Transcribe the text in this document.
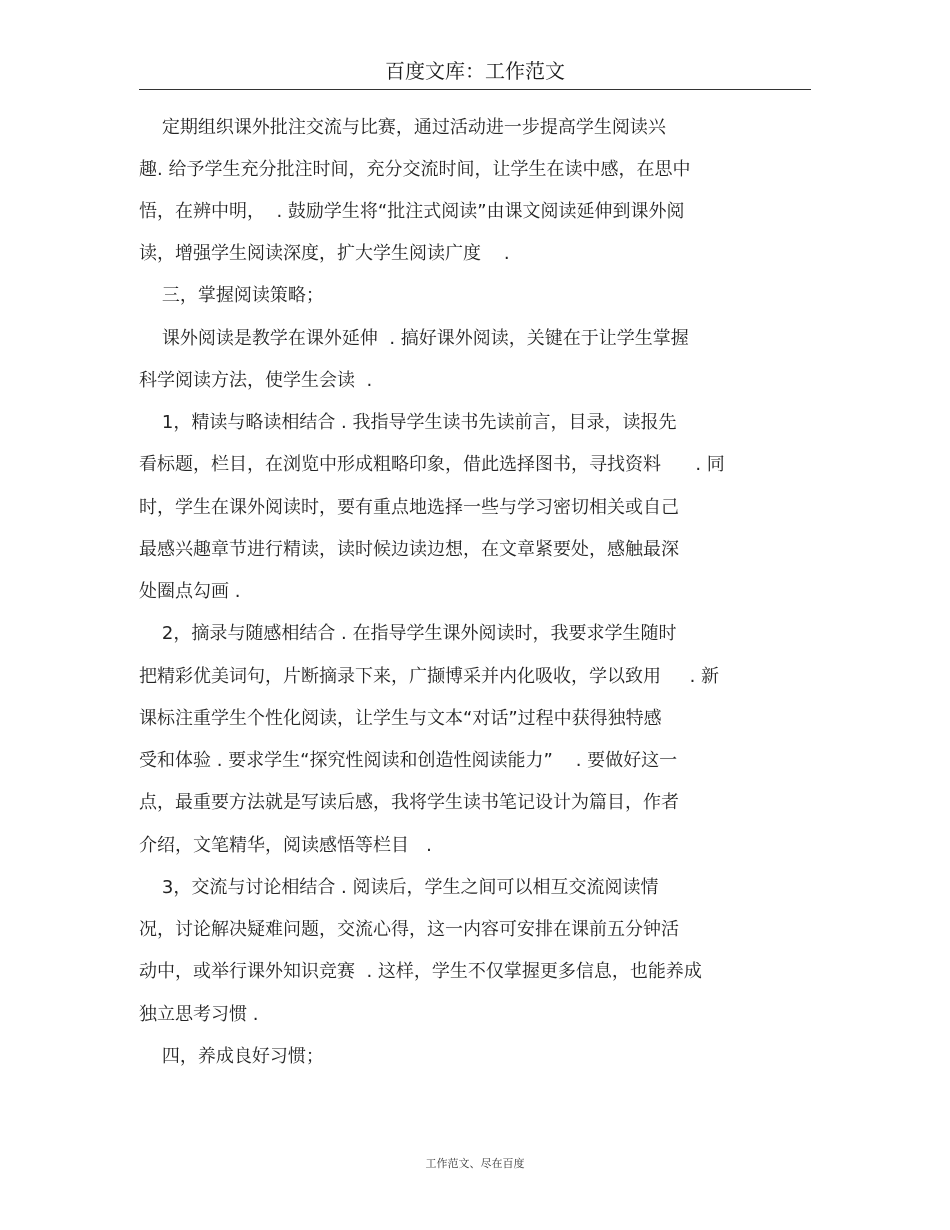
百度文库：工作范文
定期组织课外批注交流与比赛，通过活动进一步提高学生阅读兴
趣. 给予学生充分批注时间，充分交流时间，让学生在读中感，在思中
悟，在辨中明，  . 鼓励学生将“批注式阅读”由课文阅读延伸到课外阅
读，增强学生阅读深度，扩大学生阅读广度    .
三，掌握阅读策略；
课外阅读是教学在课外延伸  . 搞好课外阅读，关键在于让学生掌握
科学阅读方法，使学生会读  .
1，精读与略读相结合 . 我指导学生读书先读前言，目录，读报先
看标题，栏目，在浏览中形成粗略印象，借此选择图书，寻找资料      . 同
时，学生在课外阅读时，要有重点地选择一些与学习密切相关或自己
最感兴趣章节进行精读，读时候边读边想，在文章紧要处，感触最深
处圈点勾画 .
2，摘录与随感相结合 . 在指导学生课外阅读时，我要求学生随时
把精彩优美词句，片断摘录下来，广撷博采并内化吸收，学以致用     . 新
课标注重学生个性化阅读，让学生与文本“对话”过程中获得独特感
受和体验 . 要求学生“探究性阅读和创造性阅读能力”    . 要做好这一
点，最重要方法就是写读后感，我将学生读书笔记设计为篇目，作者
介绍，文笔精华，阅读感悟等栏目   .
3，交流与讨论相结合 . 阅读后，学生之间可以相互交流阅读情
况，讨论解决疑难问题，交流心得，这一内容可安排在课前五分钟活
动中，或举行课外知识竞赛  . 这样，学生不仅掌握更多信息，也能养成
独立思考习惯 .
四，养成良好习惯；
工作范文、尽在百度
